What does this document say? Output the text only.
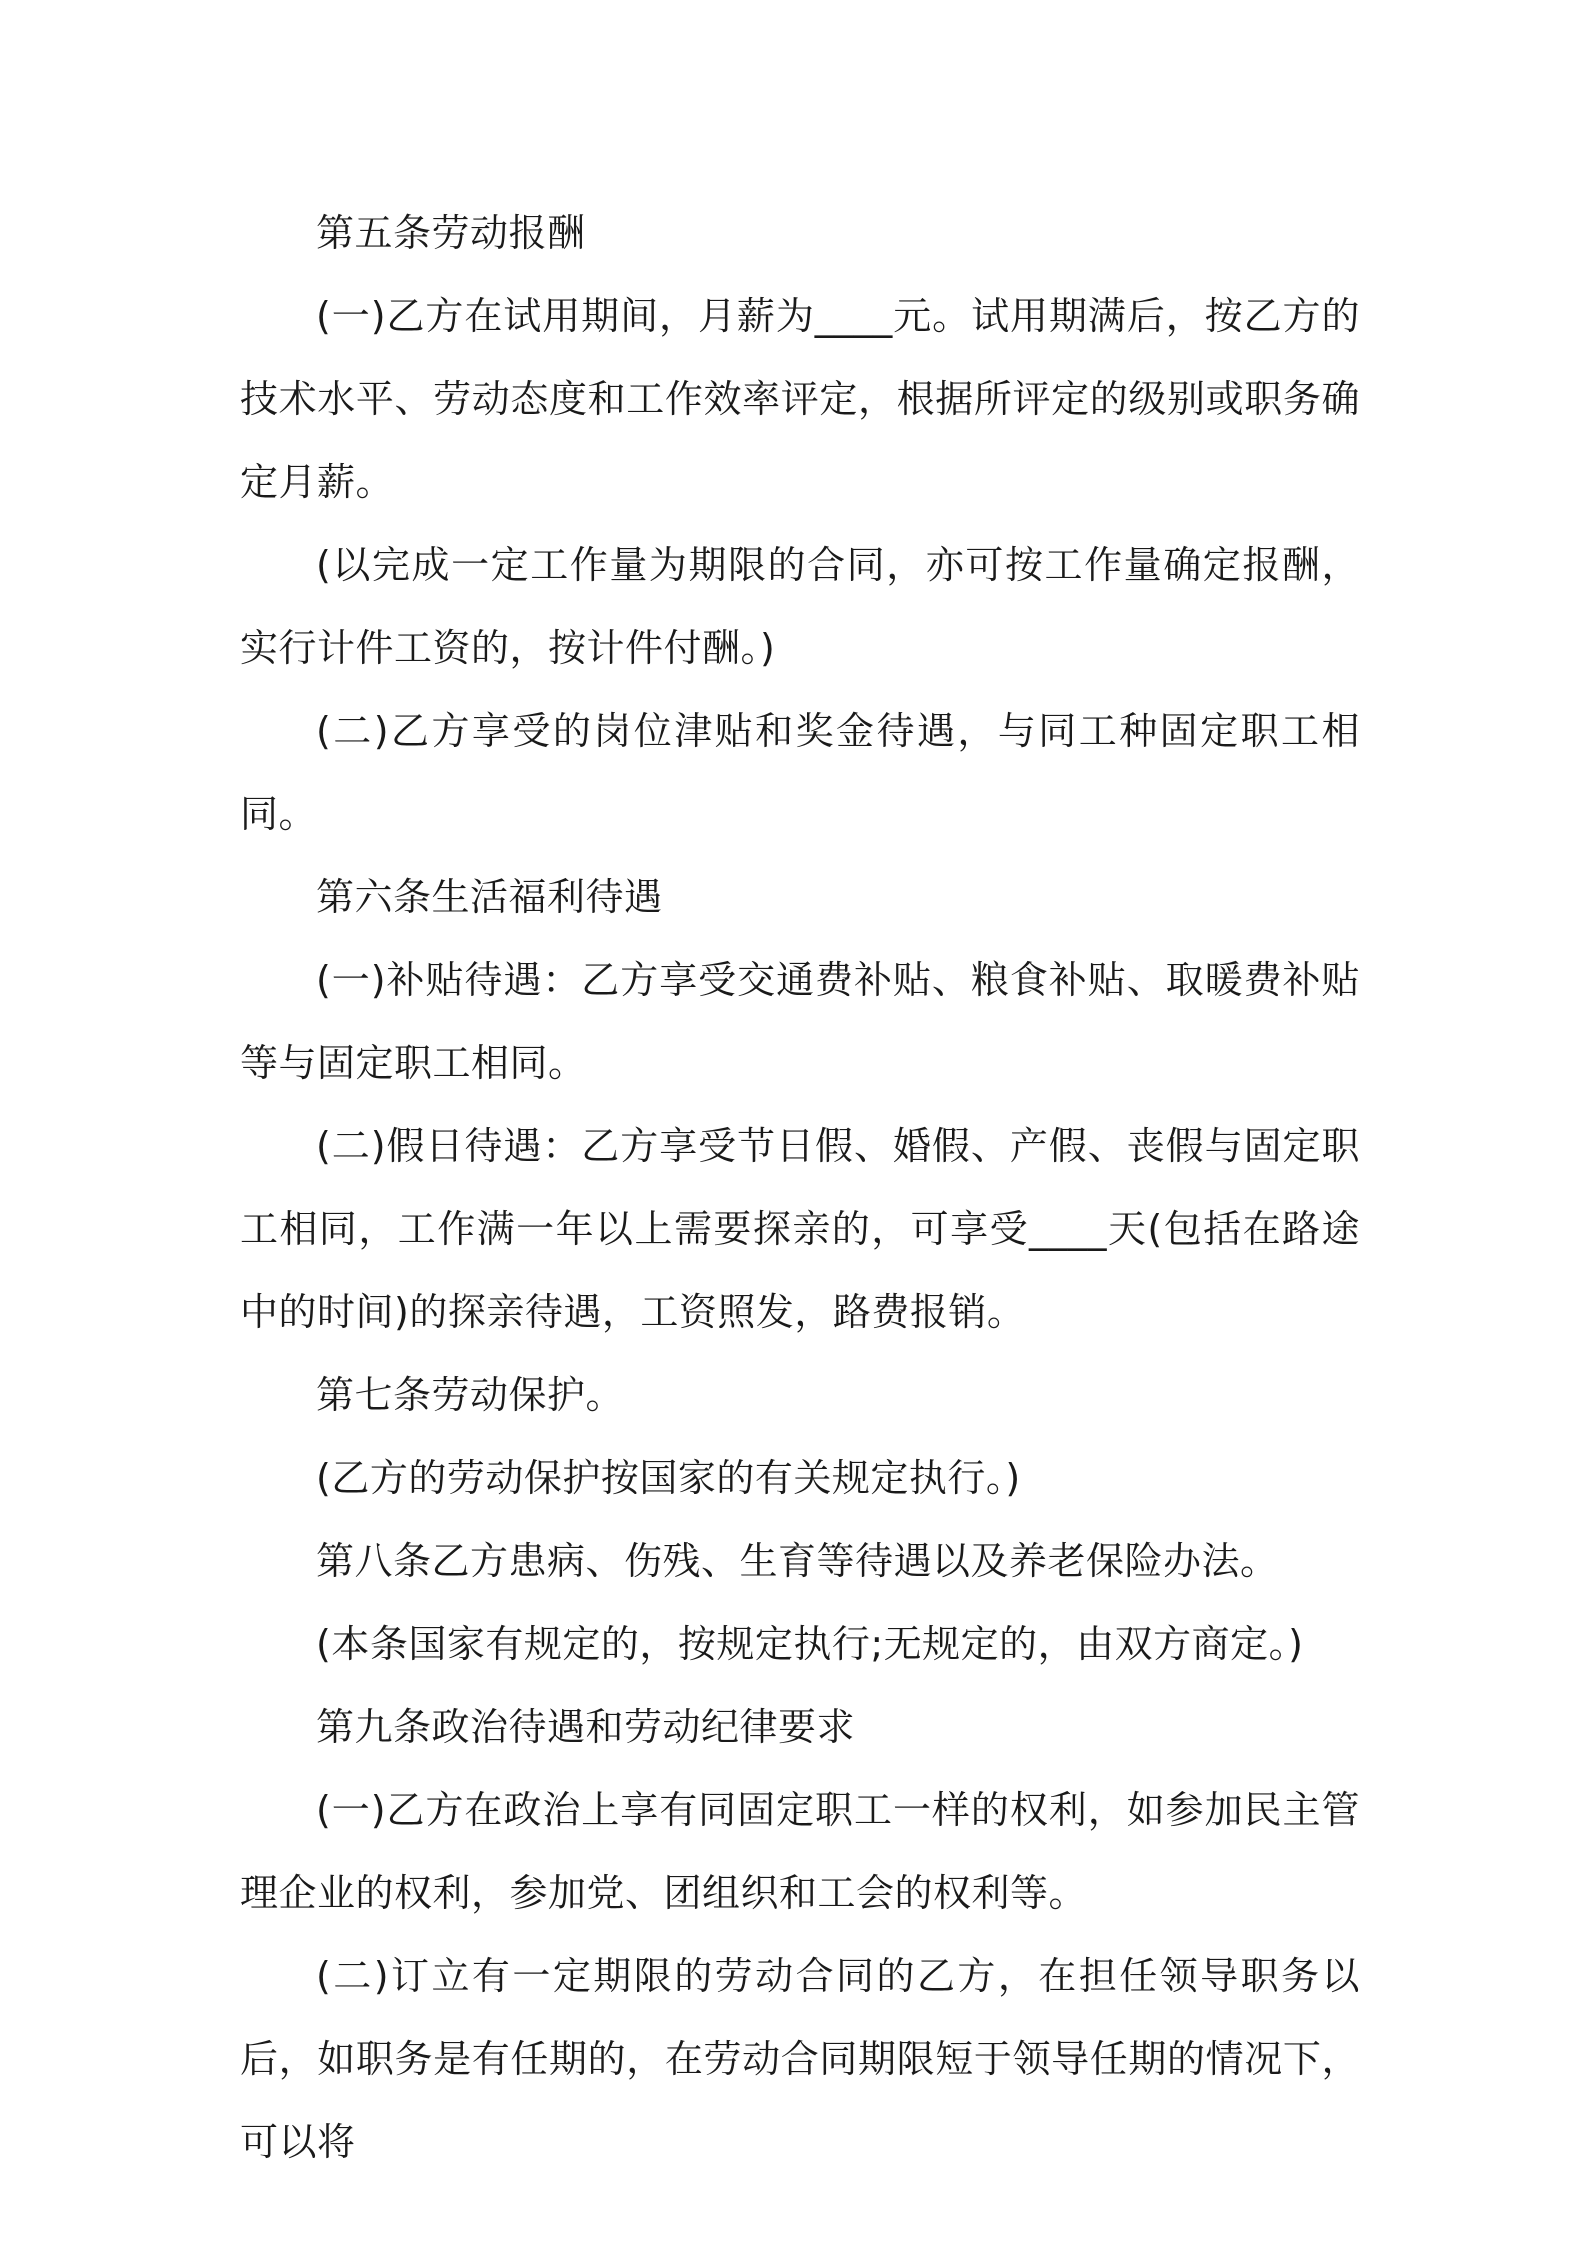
第五条劳动报酬

(一)乙方在试用期间，月薪为____元。试用期满后，按乙方的技术水平、劳动态度和工作效率评定，根据所评定的级别或职务确定月薪。

(以完成一定工作量为期限的合同，亦可按工作量确定报酬，实行计件工资的，按计件付酬。)

(二)乙方享受的岗位津贴和奖金待遇，与同工种固定职工相同。

第六条生活福利待遇

(一)补贴待遇：乙方享受交通费补贴、粮食补贴、取暖费补贴等与固定职工相同。

(二)假日待遇：乙方享受节日假、婚假、产假、丧假与固定职工相同，工作满一年以上需要探亲的，可享受____天(包括在路途中的时间)的探亲待遇，工资照发，路费报销。

第七条劳动保护。

(乙方的劳动保护按国家的有关规定执行。)

第八条乙方患病、伤残、生育等待遇以及养老保险办法。

(本条国家有规定的，按规定执行;无规定的，由双方商定。)

第九条政治待遇和劳动纪律要求

(一)乙方在政治上享有同固定职工一样的权利，如参加民主管理企业的权利，参加党、团组织和工会的权利等。

(二)订立有一定期限的劳动合同的乙方，在担任领导职务以后，如职务是有任期的，在劳动合同期限短于领导任期的情况下，可以将
